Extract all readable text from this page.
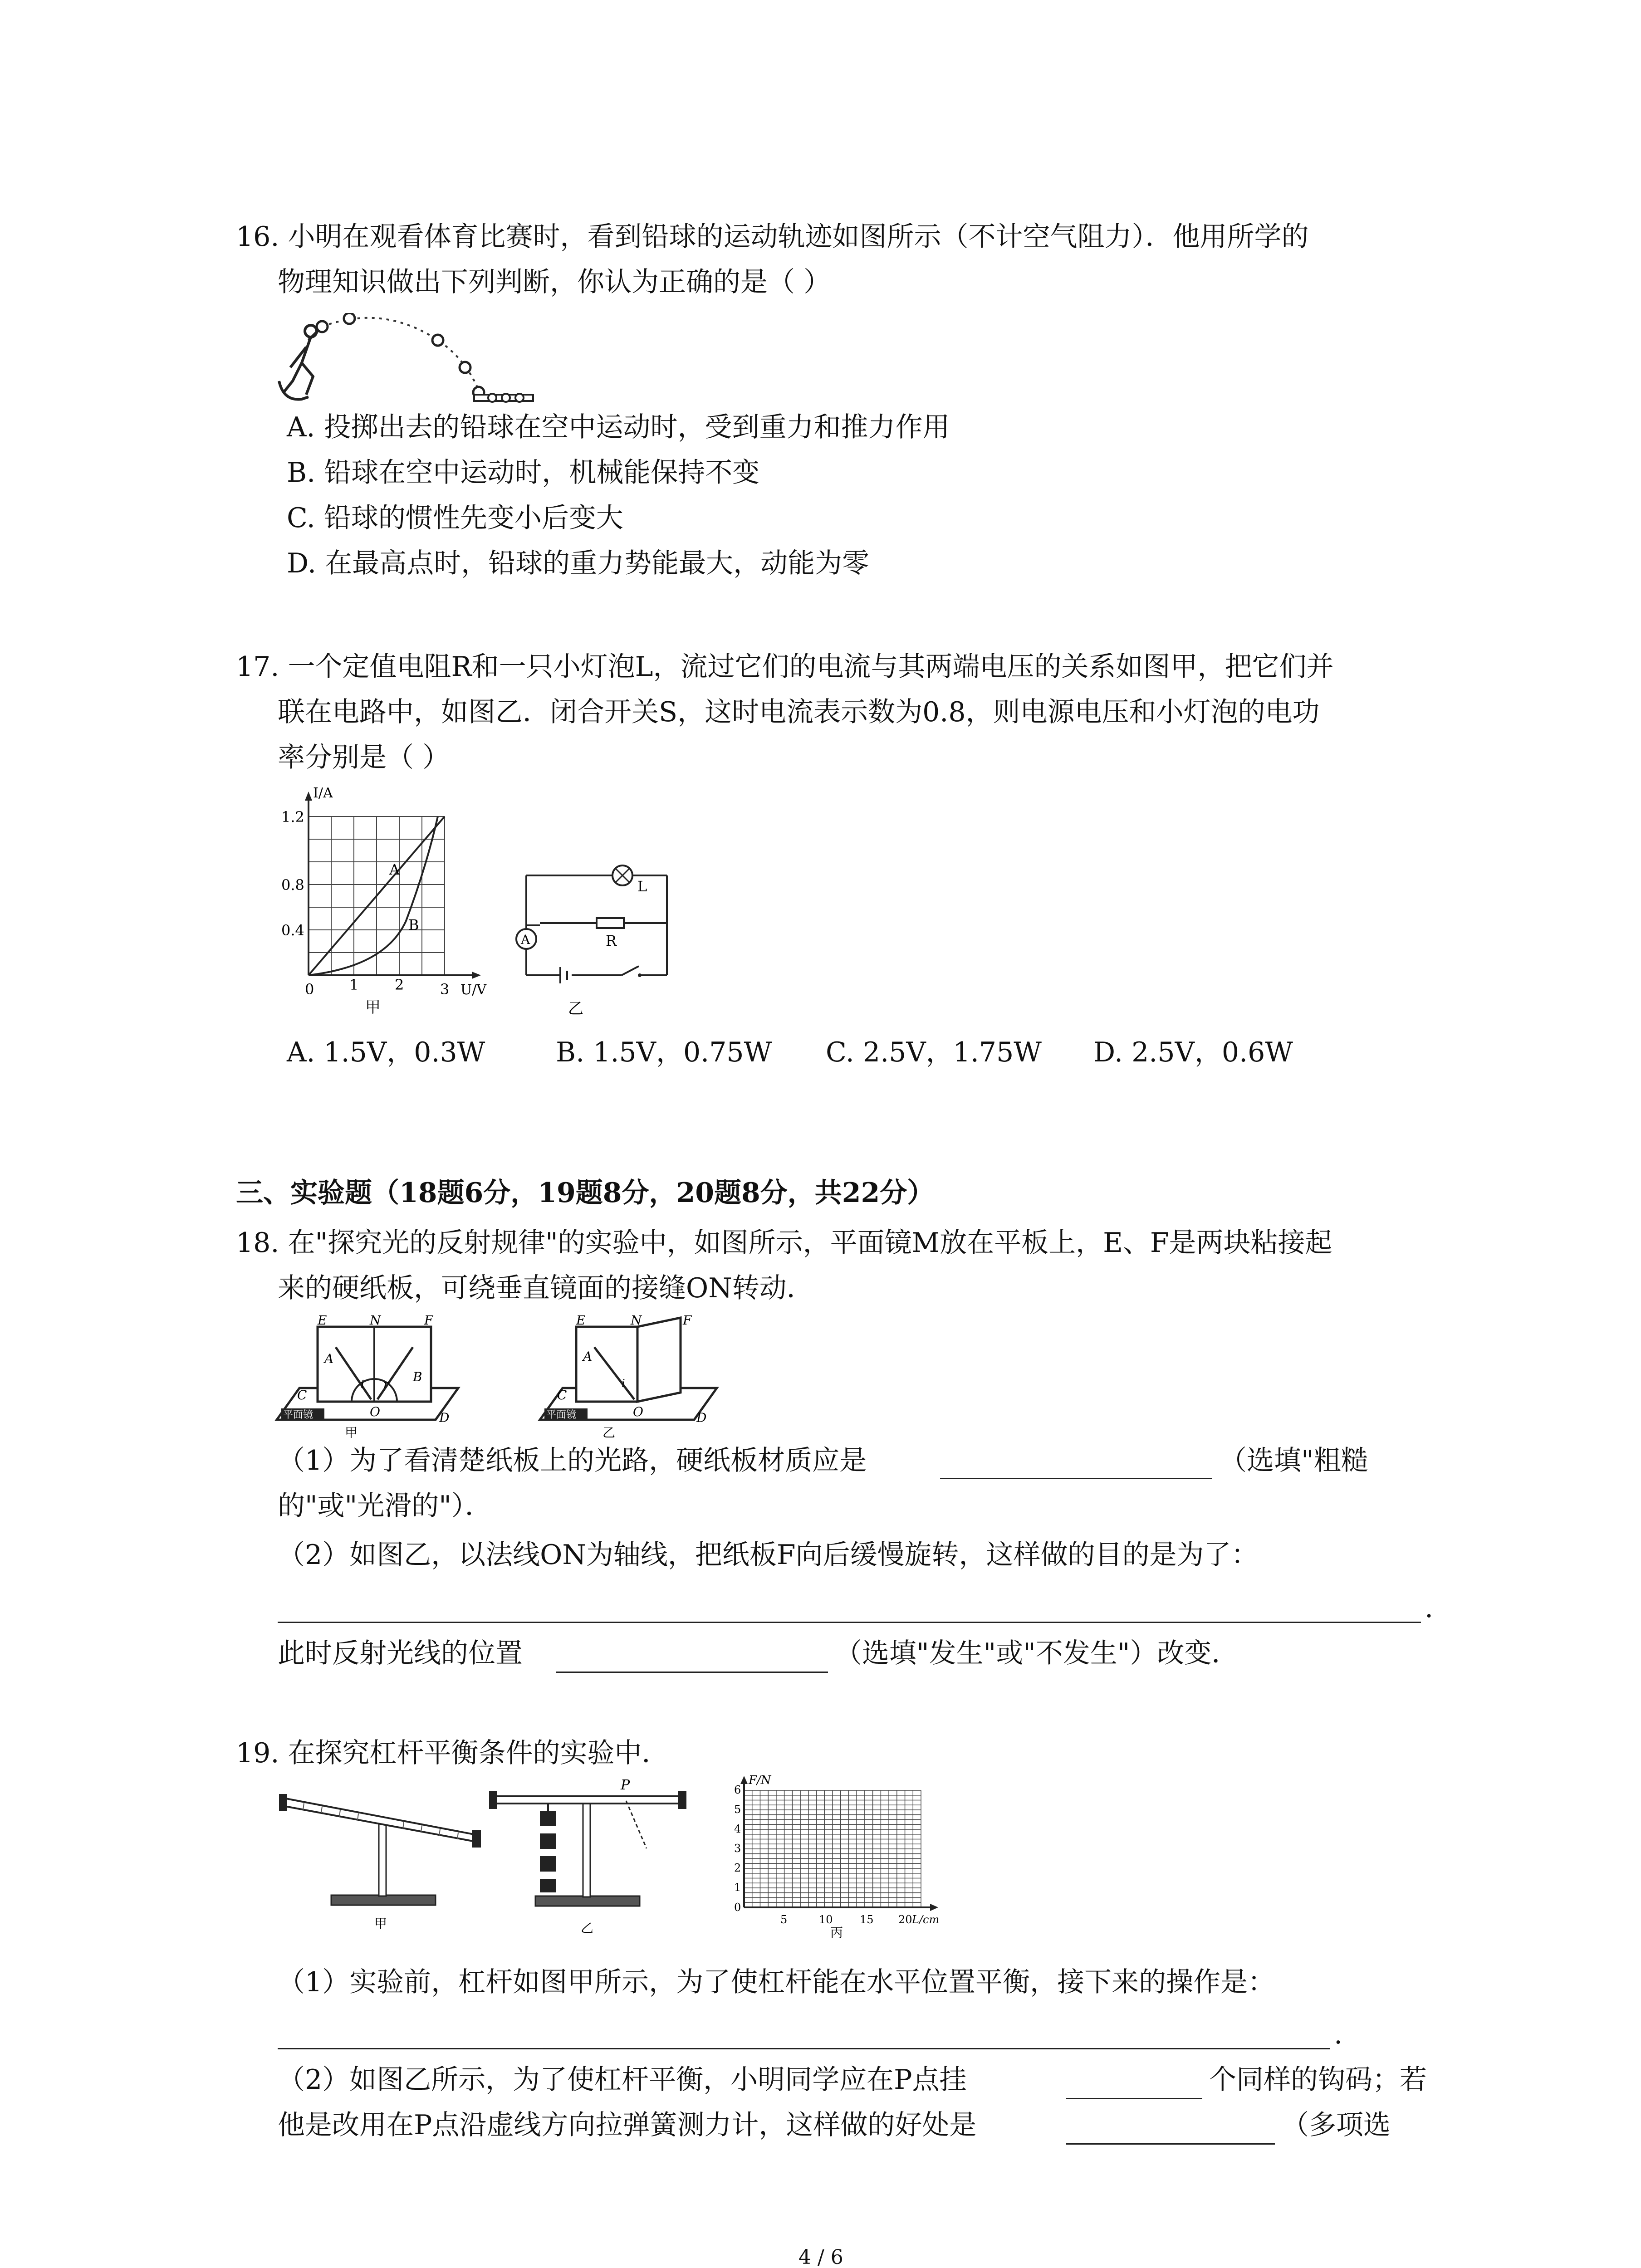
16. 小明在观看体育比赛时，看到铅球的运动轨迹如图所示（不计空气阻力）．他用所学的
物理知识做出下列判断，你认为正确的是（ ）
A. 投掷出去的铅球在空中运动时，受到重力和推力作用
B. 铅球在空中运动时，机械能保持不变
C. 铅球的惯性先变小后变大
D. 在最高点时，铅球的重力势能最大，动能为零
17. 一个定值电阻R和一只小灯泡L，流过它们的电流与其两端电压的关系如图甲，把它们并
联在电路中，如图乙．闭合开关S，这时电流表示数为0.8，则电源电压和小灯泡的电功
率分别是（ ）
I/A
1.2
0.8
0.4
0 1 2 3 U/V
A
B
甲
A
L
R
乙
A. 1.5V，0.3W	B. 1.5V，0.75W C. 2.5V，1.75W D. 2.5V，0.6W
三、实验题（18题6分，19题8分，20题8分，共22分）
18. 在"探究光的反射规律"的实验中，如图所示，平面镜M放在平板上，E、F是两块粘接起
来的硬纸板，可绕垂直镜面的接缝ON转动．
平面镜
E	N	F
A
B
C
D
O
i r
甲
平面镜
E	N	F
A
C
D
O
i
乙
（1）为了看清楚纸板上的光路，硬纸板材质应是	（选填"粗糙
的"或"光滑的"）．
（2）如图乙，以法线ON为轴线，把纸板F向后缓慢旋转，这样做的目的是为了：
.
此时反射光线的位置	（选填"发生"或"不发生"）改变．
19. 在探究杠杆平衡条件的实验中．
甲
P
乙
F/N
6
5
4
3
2
1
0
5	10 15 20 L/cm
丙
（1）实验前，杠杆如图甲所示，为了使杠杆能在水平位置平衡，接下来的操作是：
.
（2）如图乙所示，为了使杠杆平衡，小明同学应在P点挂	个同样的钩码；若
他是改用在P点沿虚线方向拉弹簧测力计，这样做的好处是	（多项选
4 / 6
